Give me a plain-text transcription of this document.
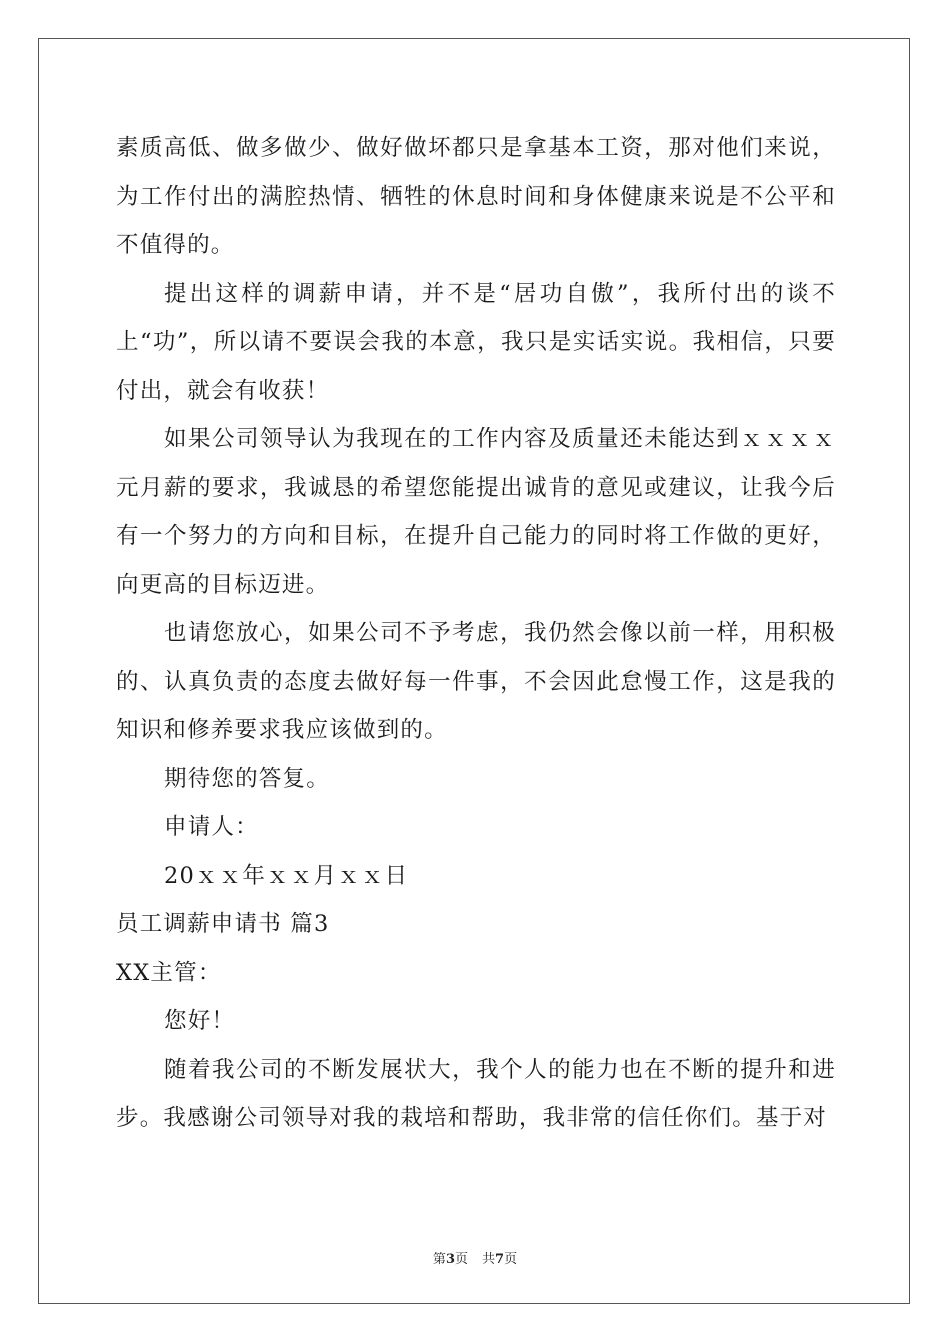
素质高低、做多做少、做好做坏都只是拿基本工资，那对他们来说，为工作付出的满腔热情、牺牲的休息时间和身体健康来说是不公平和不值得的。

提出这样的调薪申请，并不是“居功自傲”，我所付出的谈不上“功”，所以请不要误会我的本意，我只是实话实说。我相信，只要付出，就会有收获！

如果公司领导认为我现在的工作内容及质量还未能达到ｘｘｘｘ元月薪的要求，我诚恳的希望您能提出诚肯的意见或建议，让我今后有一个努力的方向和目标，在提升自己能力的同时将工作做的更好，向更高的目标迈进。

也请您放心，如果公司不予考虑，我仍然会像以前一样，用积极的、认真负责的态度去做好每一件事，不会因此怠慢工作，这是我的知识和修养要求我应该做到的。

期待您的答复。

申请人：

20ｘｘ年ｘｘ月ｘｘ日

员工调薪申请书 篇3

XX主管：

您好！

随着我公司的不断发展状大，我个人的能力也在不断的提升和进步。我感谢公司领导对我的栽培和帮助，我非常的信任你们。基于对

第3页 共7页
